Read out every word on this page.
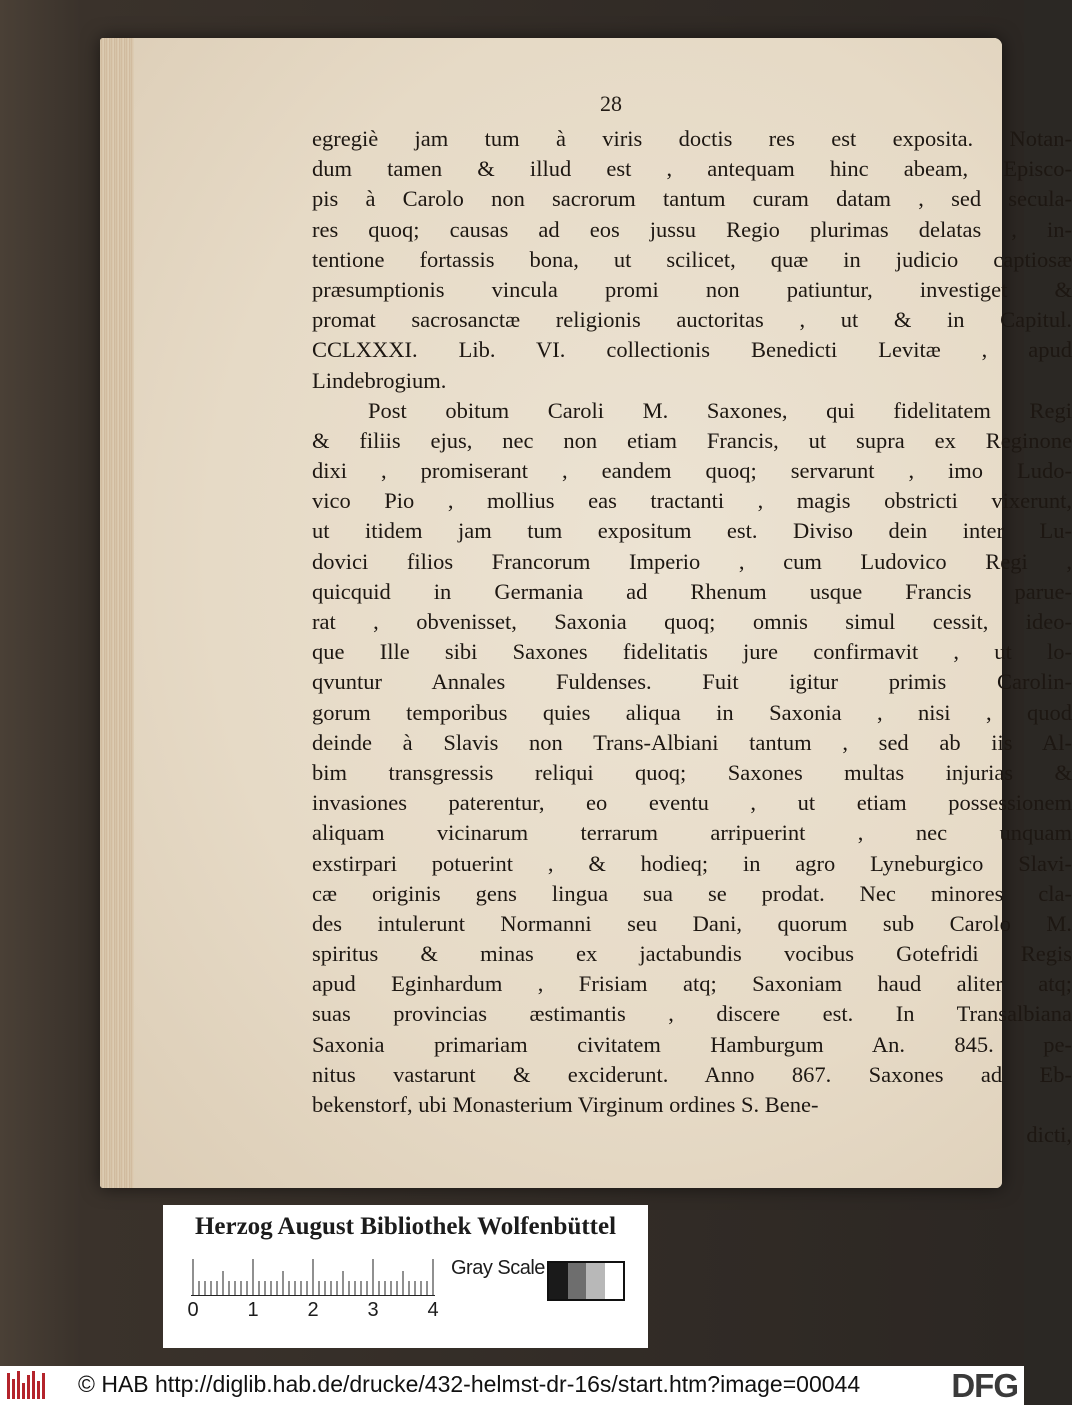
28

egregiè jam tum à viris doctis res est exposita. Notan-
dum tamen & illud est , antequam hinc abeam, Episco-
pis à Carolo non sacrorum tantum curam datam , sed secula-
res quoq; causas ad eos jussu Regio plurimas delatas , in-
tentione fortassis bona, ut scilicet, quæ in judicio captiosæ
præsumptionis vincula promi non patiuntur, investiget &
promat sacrosanctæ religionis auctoritas , ut & in Capitul.
CCLXXXI. Lib. VI. collectionis Benedicti Levitæ , apud
Lindebrogium.
Post obitum Caroli M. Saxones, qui fidelitatem Regi
& filiis ejus, nec non etiam Francis, ut supra ex Reginone
dixi , promiserant , eandem quoq; servarunt , imo Ludo-
vico Pio , mollius eas tractanti , magis obstricti vixerunt,
ut itidem jam tum expositum est. Diviso dein inter Lu-
dovici filios Francorum Imperio , cum Ludovico Regi ,
quicquid in Germania ad Rhenum usque Francis parue-
rat , obvenisset, Saxonia quoq; omnis simul cessit, ideo-
que Ille sibi Saxones fidelitatis jure confirmavit , ut lo-
qvuntur Annales Fuldenses. Fuit igitur primis Carolin-
gorum temporibus quies aliqua in Saxonia , nisi , quod
deinde à Slavis non Trans-Albiani tantum , sed ab iis Al-
bim transgressis reliqui quoq; Saxones multas injurias &
invasiones paterentur, eo eventu , ut etiam possessionem
aliquam vicinarum terrarum arripuerint , nec unquam
exstirpari potuerint , & hodieq; in agro Lyneburgico Slavi-
cæ originis gens lingua sua se prodat. Nec minores cla-
des intulerunt Normanni seu Dani, quorum sub Carolo M.
spiritus & minas ex jactabundis vocibus Gotefridi Regis
apud Eginhardum , Frisiam atq; Saxoniam haud aliter atq;
suas provincias æstimantis , discere est. In Transalbiana
Saxonia primariam civitatem Hamburgum An. 845. pe-
nitus vastarunt & exciderunt. Anno 867. Saxones ad Eb-
bekenstorf, ubi Monasterium Virginum ordines S. Bene-
dicti,

Herzog August Bibliothek Wolfenbüttel

0 1 2 3 4
Gray Scale
© HAB http://diglib.hab.de/drucke/432-helmst-dr-16s/start.htm?image=00044	DFG
